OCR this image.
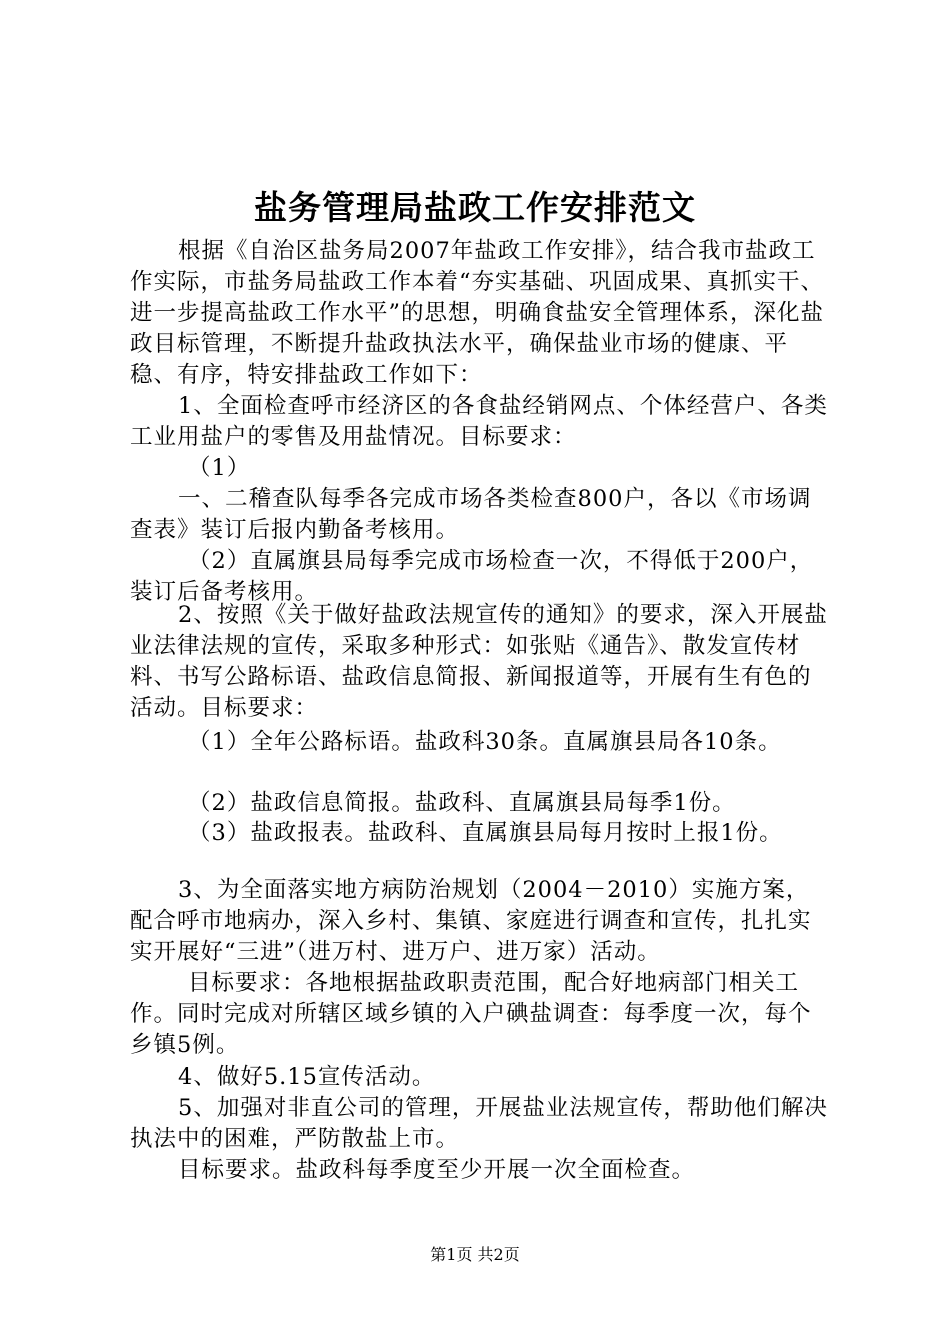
盐务管理局盐政工作安排范文

根据《自治区盐务局2007年盐政工作安排》，结合我市盐政工作实际，市盐务局盐政工作本着“夯实基础、巩固成果、真抓实干、进一步提高盐政工作水平”的思想，明确食盐安全管理体系，深化盐政目标管理，不断提升盐政执法水平，确保盐业市场的健康、平稳、有序，特安排盐政工作如下：

1、全面检查呼市经济区的各食盐经销网点、个体经营户、各类工业用盐户的零售及用盐情况。目标要求：

（1）

一、二稽查队每季各完成市场各类检查800户，各以《市场调查表》装订后报内勤备考核用。

（2）直属旗县局每季完成市场检查一次，不得低于200户，装订后备考核用。

2、按照《关于做好盐政法规宣传的通知》的要求，深入开展盐业法律法规的宣传，采取多种形式：如张贴《通告》、散发宣传材料、书写公路标语、盐政信息简报、新闻报道等，开展有生有色的活动。目标要求：

（1）全年公路标语。盐政科30条。直属旗县局各10条。

（2）盐政信息简报。盐政科、直属旗县局每季1份。

（3）盐政报表。盐政科、直属旗县局每月按时上报1份。

3、为全面落实地方病防治规划（2004－2010）实施方案，配合呼市地病办，深入乡村、集镇、家庭进行调查和宣传，扎扎实实开展好“三进”（进万村、进万户、进万家）活动。

目标要求：各地根据盐政职责范围，配合好地病部门相关工作。同时完成对所辖区域乡镇的入户碘盐调查：每季度一次，每个乡镇5例。

4、做好5.15宣传活动。

5、加强对非直公司的管理，开展盐业法规宣传，帮助他们解决执法中的困难，严防散盐上市。

目标要求。盐政科每季度至少开展一次全面检查。

第1页 共2页
